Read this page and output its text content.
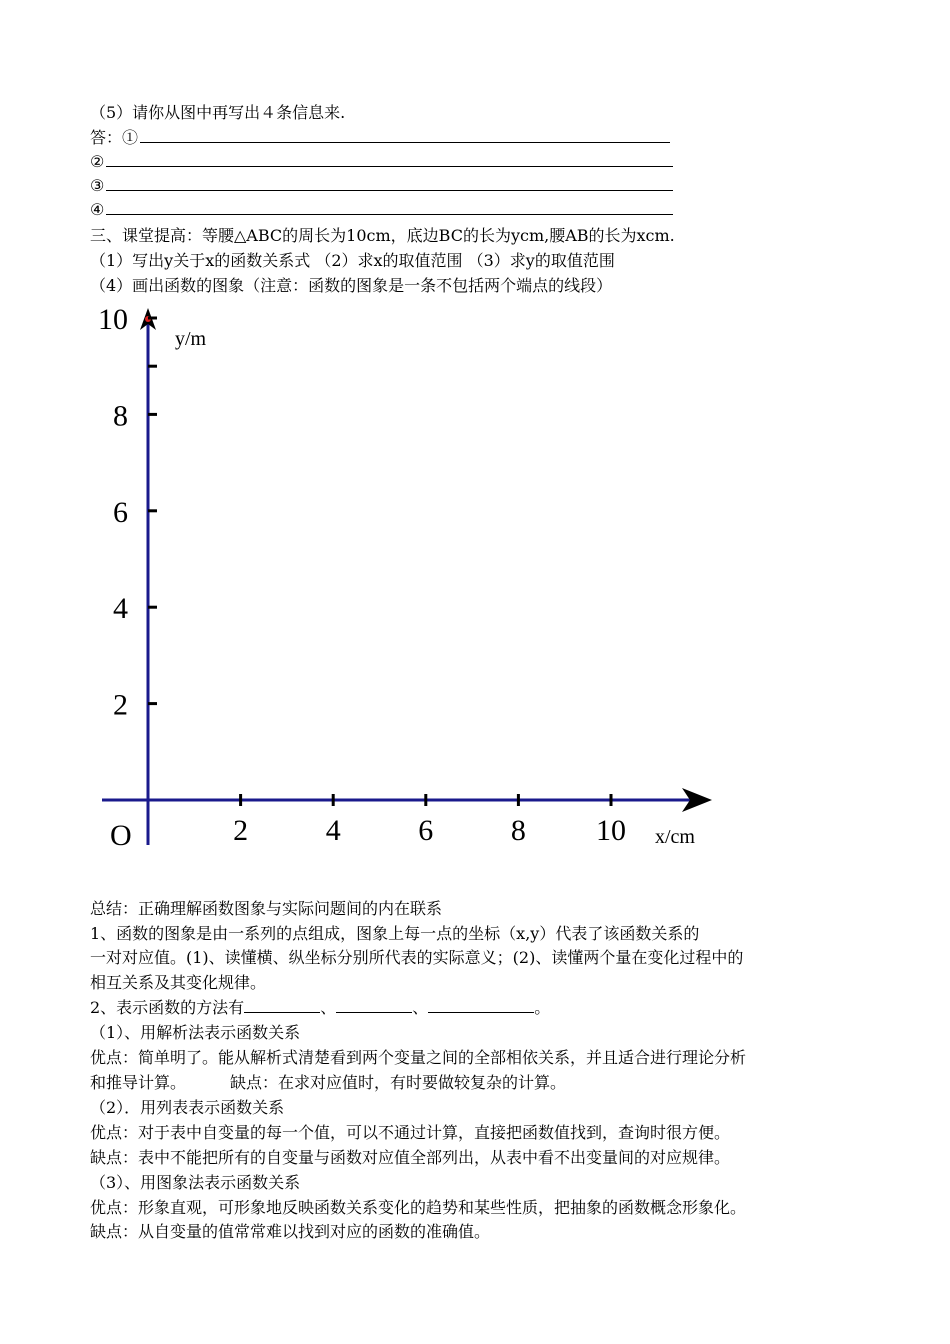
（5）请你从图中再写出４条信息来.
答：①
②
③
④
三、课堂提高：等腰△ABC的周长为10cm，底边BC的长为ycm,腰AB的长为xcm.
（1）写出y关于x的函数关系式 （2）求x的取值范围 （3）求y的取值范围
（4）画出函数的图象（注意：函数的图象是一条不包括两个端点的线段）
2	4	6	8 10
2
4
6
8
10
O	x/cm
y/m
总结：正确理解函数图象与实际问题间的内在联系
1、函数的图象是由一系列的点组成，图象上每一点的坐标（x,y）代表了该函数关系的
一对对应值。(1)、读懂横、纵坐标分别所代表的实际意义；(2)、读懂两个量在变化过程中的
相互关系及其变化规律。
2、表示函数的方法有	、	、	。
（1）、用解析法表示函数关系
优点：简单明了。能从解析式清楚看到两个变量之间的全部相依关系，并且适合进行理论分析
和推导计算。	缺点：在求对应值时，有时要做较复杂的计算。
（2）．用列表表示函数关系
优点：对于表中自变量的每一个值，可以不通过计算，直接把函数值找到，查询时很方便。
缺点：表中不能把所有的自变量与函数对应值全部列出，从表中看不出变量间的对应规律。
（3）、用图象法表示函数关系
优点：形象直观，可形象地反映函数关系变化的趋势和某些性质，把抽象的函数概念形象化。
缺点：从自变量的值常常难以找到对应的函数的准确值。
